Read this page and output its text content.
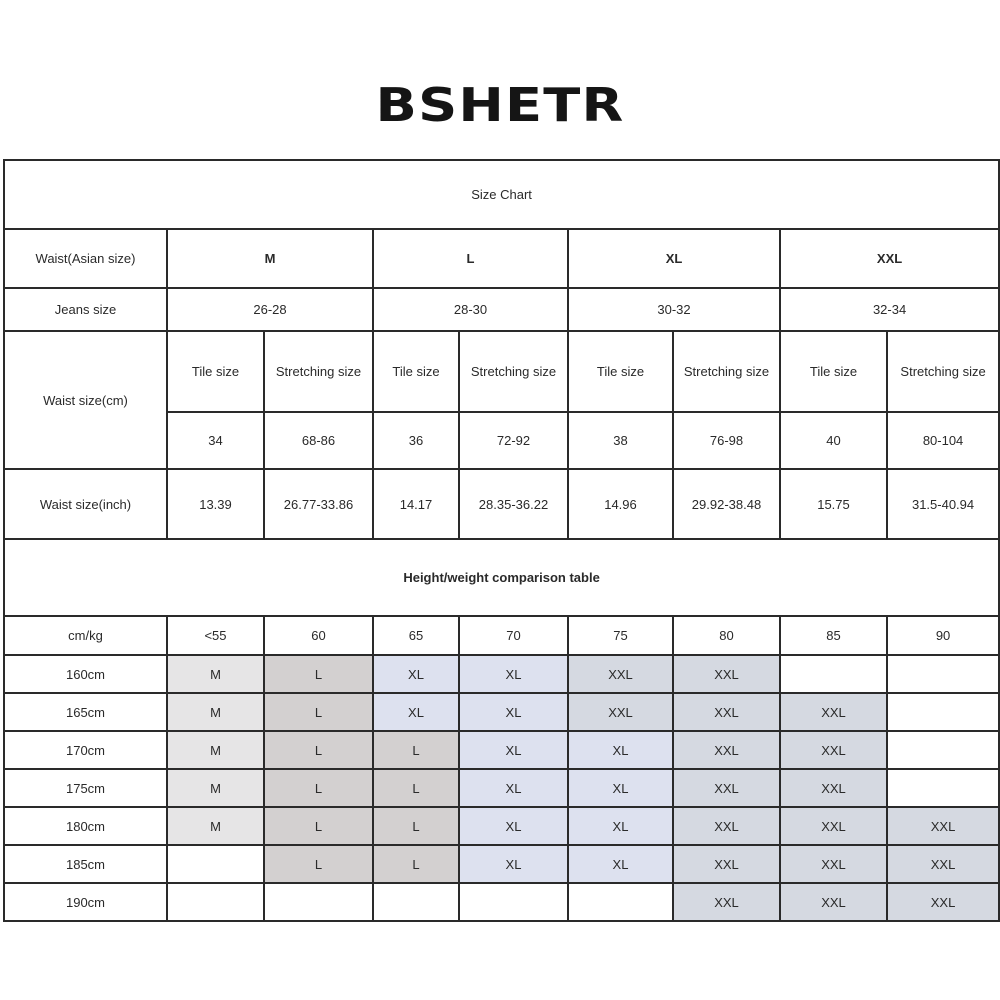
BSHETR
Size Chart								
Waist(Asian size)	M		L		XL		XXL	
Jeans size	26-28		28-30		30-32		32-34	
Waist size(cm)	Tile size	Stretching size	Tile size	Stretching size	Tile size	Stretching size	Tile size	Stretching size
	34	68-86	36	72-92	38	76-98	40	80-104
Waist size(inch)	13.39	26.77-33.86	14.17	28.35-36.22	14.96	29.92-38.48	15.75	31.5-40.94
Height/weight comparison table								
cm/kg	<55	60	65	70	75	80	85	90
160cm	M	L	XL	XL	XXL	XXL		
165cm	M	L	XL	XL	XXL	XXL	XXL	
170cm	M	L	L	XL	XL	XXL	XXL	
175cm	M	L	L	XL	XL	XXL	XXL	
180cm	M	L	L	XL	XL	XXL	XXL	XXL
185cm		L	L	XL	XL	XXL	XXL	XXL
190cm						XXL	XXL	XXL
